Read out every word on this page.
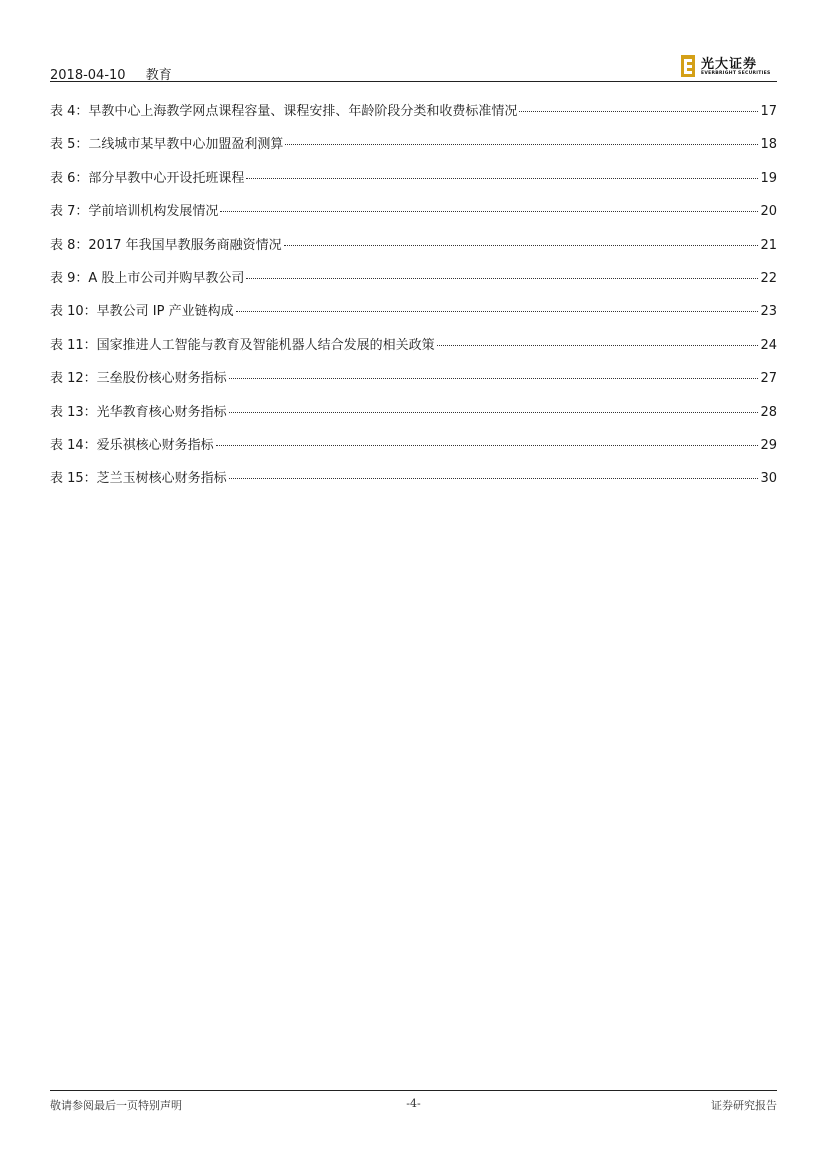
2018-04-10 教育
光大证券
EVERBRIGHT SECURITIES
表 4：早教中心上海教学网点课程容量、课程安排、年龄阶段分类和收费标准情况	17
表 5：二线城市某早教中心加盟盈利测算	18
表 6：部分早教中心开设托班课程	19
表 7：学前培训机构发展情况	20
表 8：2017 年我国早教服务商融资情况	21
表 9：A 股上市公司并购早教公司	22
表 10：早教公司 IP 产业链构成	23
表 11：国家推进人工智能与教育及智能机器人结合发展的相关政策	24
表 12：三垒股份核心财务指标	27
表 13：光华教育核心财务指标	28
表 14：爱乐祺核心财务指标	29
表 15：芝兰玉树核心财务指标	30
敬请参阅最后一页特别声明	-4-	证券研究报告
